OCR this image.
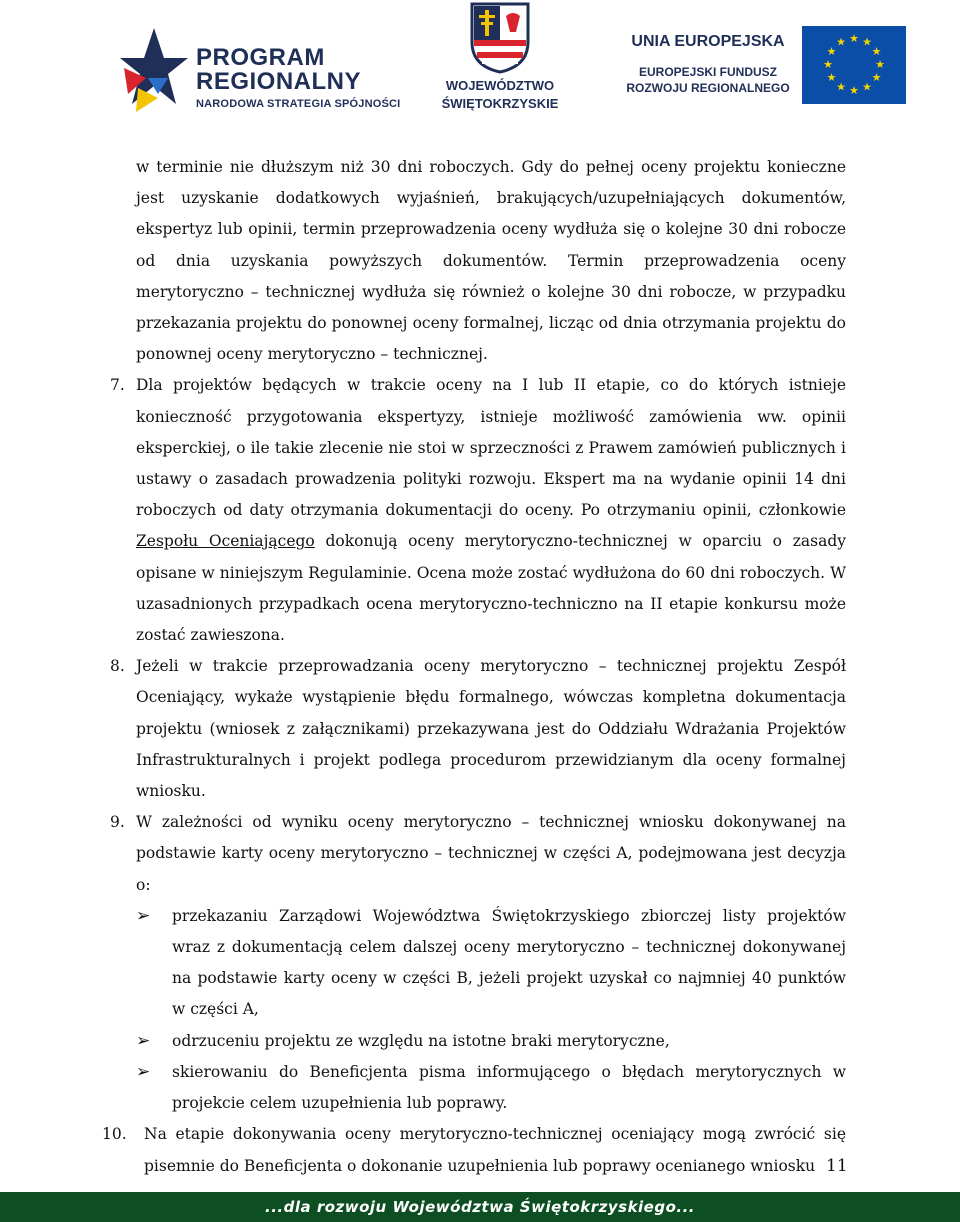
PROGRAM
REGIONALNY
NARODOWA STRATEGIA SPÓJNOŚCI
WOJEWÓDZTWO
ŚWIĘTOKRZYSKIE
UNIA EUROPEJSKA
EUROPEJSKI FUNDUSZ
ROZWOJU REGIONALNEGO
★ ★
★
★
★
★
★
★
★
★
★
★

w terminie nie dłuższym niż 30 dni roboczych. Gdy do pełnej oceny projektu konieczne jest uzyskanie dodatkowych wyjaśnień, brakujących/uzupełniających dokumentów, ekspertyz lub opinii, termin przeprowadzenia oceny wydłuża się o kolejne 30 dni robocze od dnia uzyskania powyższych dokumentów. Termin przeprowadzenia oceny merytoryczno – technicznej wydłuża się również o kolejne 30 dni robocze, w przypadku przekazania projektu do ponownej oceny formalnej, licząc od dnia otrzymania projektu do ponownej oceny merytoryczno – technicznej.

7. Dla projektów będących w trakcie oceny na I lub II etapie, co do których istnieje konieczność przygotowania ekspertyzy, istnieje możliwość zamówienia ww. opinii eksperckiej, o ile takie zlecenie nie stoi w sprzeczności z Prawem zamówień publicznych i ustawy o zasadach prowadzenia polityki rozwoju. Ekspert ma na wydanie opinii 14 dni roboczych od daty otrzymania dokumentacji do oceny. Po otrzymaniu opinii, członkowie Zespołu Oceniającego dokonują oceny merytoryczno-technicznej w oparciu o zasady opisane w niniejszym Regulaminie. Ocena może zostać wydłużona do 60 dni roboczych. W uzasadnionych przypadkach ocena merytoryczno-techniczno na II etapie konkursu może zostać zawieszona.
8. Jeżeli w trakcie przeprowadzania oceny merytoryczno – technicznej projektu Zespół Oceniający, wykaże wystąpienie błędu formalnego, wówczas kompletna dokumentacja projektu (wniosek z załącznikami) przekazywana jest do Oddziału Wdrażania Projektów Infrastrukturalnych i projekt podlega procedurom przewidzianym dla oceny formalnej wniosku.
9. W zależności od wyniku oceny merytoryczno – technicznej wniosku dokonywanej na podstawie karty oceny merytoryczno – technicznej w części A, podejmowana jest decyzja o:
➢ przekazaniu Zarządowi Województwa Świętokrzyskiego zbiorczej listy projektów wraz z dokumentacją celem dalszej oceny merytoryczno – technicznej dokonywanej na podstawie karty oceny w części B, jeżeli projekt uzyskał co najmniej 40 punktów w części A,
➢ odrzuceniu projektu ze względu na istotne braki merytoryczne,
➢ skierowaniu do Beneficjenta pisma informującego o błędach merytorycznych w projekcie celem uzupełnienia lub poprawy.
10. Na etapie dokonywania oceny merytoryczno-technicznej oceniający mogą zwrócić się pisemnie do Beneficjenta o dokonanie uzupełnienia lub poprawy ocenianego wniosku 11
...dla rozwoju Województwa Świętokrzyskiego...
